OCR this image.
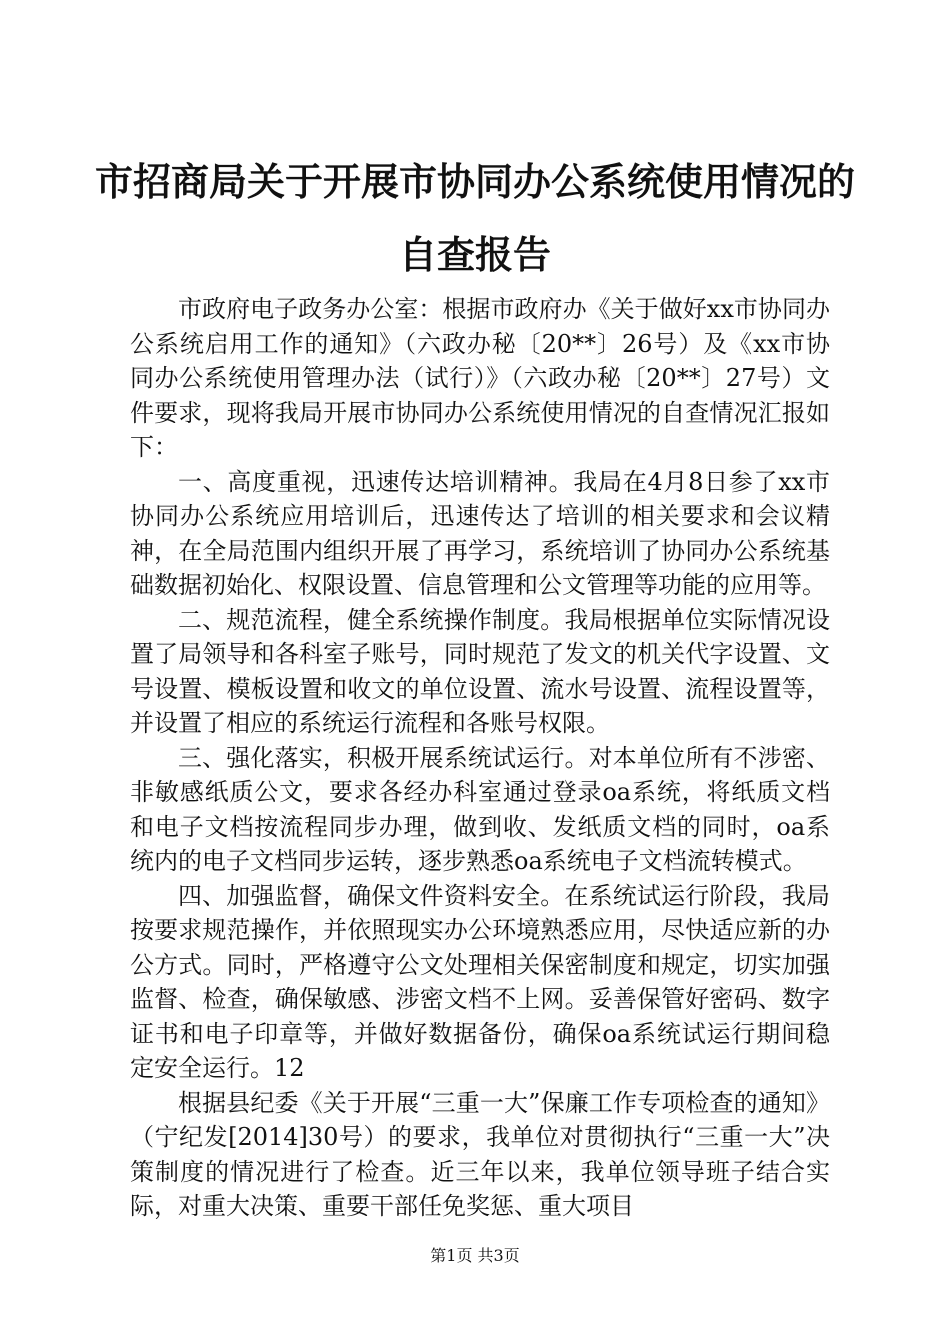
市招商局关于开展市协同办公系统使用情况的
自查报告

市政府电子政务办公室：根据市政府办《关于做好xx市协同办公系统启用工作的通知》（六政办秘〔20**〕26号）及《xx市协同办公系统使用管理办法（试行）》（六政办秘〔20**〕27号）文件要求，现将我局开展市协同办公系统使用情况的自查情况汇报如下：

一、高度重视，迅速传达培训精神。我局在4月8日参了xx市协同办公系统应用培训后，迅速传达了培训的相关要求和会议精神，在全局范围内组织开展了再学习，系统培训了协同办公系统基础数据初始化、权限设置、信息管理和公文管理等功能的应用等。

二、规范流程，健全系统操作制度。我局根据单位实际情况设置了局领导和各科室子账号，同时规范了发文的机关代字设置、文号设置、模板设置和收文的单位设置、流水号设置、流程设置等，并设置了相应的系统运行流程和各账号权限。

三、强化落实，积极开展系统试运行。对本单位所有不涉密、非敏感纸质公文，要求各经办科室通过登录oa系统，将纸质文档和电子文档按流程同步办理，做到收、发纸质文档的同时，oa系统内的电子文档同步运转，逐步熟悉oa系统电子文档流转模式。

四、加强监督，确保文件资料安全。在系统试运行阶段，我局按要求规范操作，并依照现实办公环境熟悉应用，尽快适应新的办公方式。同时，严格遵守公文处理相关保密制度和规定，切实加强监督、检查，确保敏感、涉密文档不上网。妥善保管好密码、数字证书和电子印章等，并做好数据备份，确保oa系统试运行期间稳定安全运行。12

根据县纪委《关于开展“三重一大”保廉工作专项检查的通知》（宁纪发[2014]30号）的要求，我单位对贯彻执行“三重一大”决策制度的情况进行了检查。近三年以来，我单位领导班子结合实际，对重大决策、重要干部任免奖惩、重大项目

第1页 共3页
